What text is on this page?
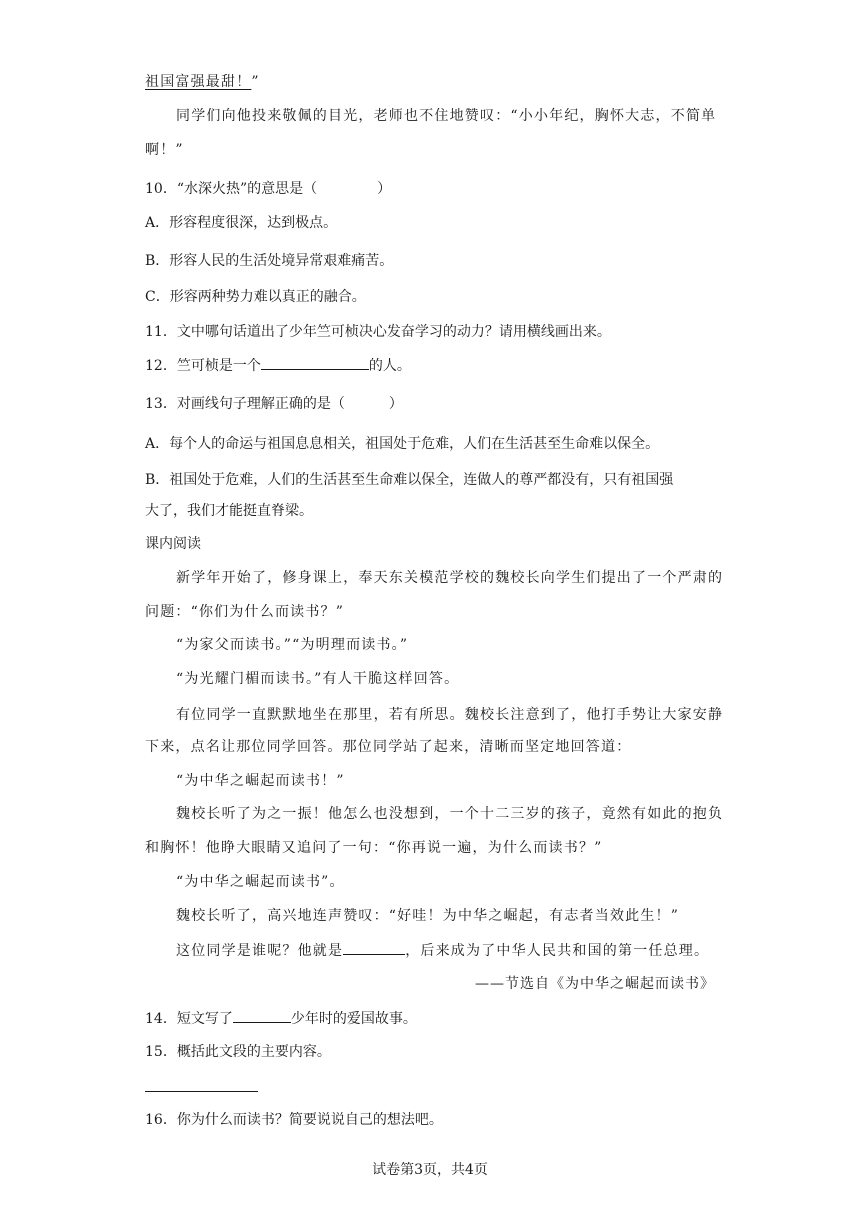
祖国富强最甜！”
同学们向他投来敬佩的目光，老师也不住地赞叹：“小小年纪，胸怀大志，不简单
啊！”
10．“水深火热”的意思是（	）
A．形容程度很深，达到极点。
B．形容人民的生活处境异常艰难痛苦。
C．形容两种势力难以真正的融合。
11．文中哪句话道出了少年竺可桢决心发奋学习的动力？请用横线画出来。
12．竺可桢是一个	的人。
13．对画线句子理解正确的是（	）
A．每个人的命运与祖国息息相关，祖国处于危难，人们在生活甚至生命难以保全。
B．祖国处于危难，人们的生活甚至生命难以保全，连做人的尊严都没有，只有祖国强
大了，我们才能挺直脊梁。
课内阅读
新学年开始了，修身课上，奉天东关模范学校的魏校长向学生们提出了一个严肃的
问题：“你们为什么而读书？”
“为家父而读书。”“为明理而读书。”
“为光耀门楣而读书。”有人干脆这样回答。
有位同学一直默默地坐在那里，若有所思。魏校长注意到了，他打手势让大家安静
下来，点名让那位同学回答。那位同学站了起来，清晰而坚定地回答道：
“为中华之崛起而读书！”
魏校长听了为之一振！他怎么也没想到，一个十二三岁的孩子，竟然有如此的抱负
和胸怀！他睁大眼睛又追问了一句：“你再说一遍，为什么而读书？”
“为中华之崛起而读书”。
魏校长听了，高兴地连声赞叹：“好哇！为中华之崛起，有志者当效此生！”
这位同学是谁呢？他就是	，后来成为了中华人民共和国的第一任总理。
——节选自《为中华之崛起而读书》
14．短文写了	少年时的爱国故事。
15．概括此文段的主要内容。
16．你为什么而读书？简要说说自己的想法吧。
试卷第3页，共4页
